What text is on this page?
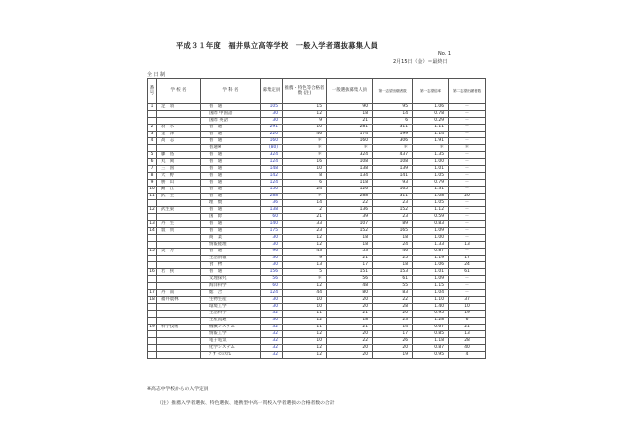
平成３１年度　福井県立高等学校　一般入学者選抜募集人員
No. 1
2月15日（金）＝最終日
全 日 制
番号	学 校 名	学 科 名	募集定員	推薦・特色等合格者数 (注)	一般選抜募集人員	第一志望出願者数	第一志望倍率	第二志望出願者数
1	足　羽	普　通	105	15	90	95	1.06	－
		国際 中国語	30	12	18	14	0.78	－
		国際 英語	30	9	21	6	0.29	－
2	羽　水	普　通	291	10	281	311	1.11	－
3	金　津	普　通	220	46	174	199	1.14	－
4	高　志	普　通	160	＊	160	306	1.91	－
		普通※	(80)	＊	＊	＊	＊	＊
5	藤　島	普　通	324	＊	324	437	1.35	－
6	丸　岡	普　通	124	16	108	108	1.00	－
7	三　国	普　通	148	10	138	139	1.01	－
8	大　野	普　通	142	8	134	141	1.05	－
9	勝　山	普　通	124	6	118	93	0.79	－
10	鯖　江	普　通	150	24	126	165	1.31	－
11	武　生	普　通	288	＊	288	311	1.08	20
		理　数	36	14	22	23	1.05	－
12	武生東	普　通	138	2	136	152	1.12	－
		国　際	60	21	39	23	0.59	－
13	丹　生	普　通	140	33	107	89	0.83	－
14	敦　賀	普　通	175	23	152	165	1.09	－
		商　業	30	12	18	18	1.00	－
		情報経理	30	12	18	24	1.33	13
15	美　方	普　通	96	43	53	46	0.87	－
		生活情報	30	9	21	25	1.19	17
		食　物	30	13	17	18	1.06	24
16	若　狭	普　通	156	5	151	153	1.01	61
		文理探究	56	＊	56	61	1.09	－
		海洋科学	60	12	48	55	1.15	－
17	丹　南	総　合	124	44	80	83	1.04	－
18	福井農林	生物生産	30	10	20	22	1.10	37
		環境工学	30	10	20	28	1.40	10
		生活科学	32	11	21	20	0.95	19
		生産流通	30	12	18	23	1.28	6
19	科学技術	機械システム	32	11	21	14	0.67	21
		情報工学	32	12	20	17	0.85	13
		電子電気	32	10	22	26	1.18	28
		化学システム	32	12	20	20	0.87	40
		ﾃﾞｻﾞｲﾝｼｽﾃﾑ	32	12	20	19	0.95	4
※高志中学校からの入学定員
（注）推薦入学者選抜、特色選抜、連携型中高一貫校入学者選抜の合格者数の合計
